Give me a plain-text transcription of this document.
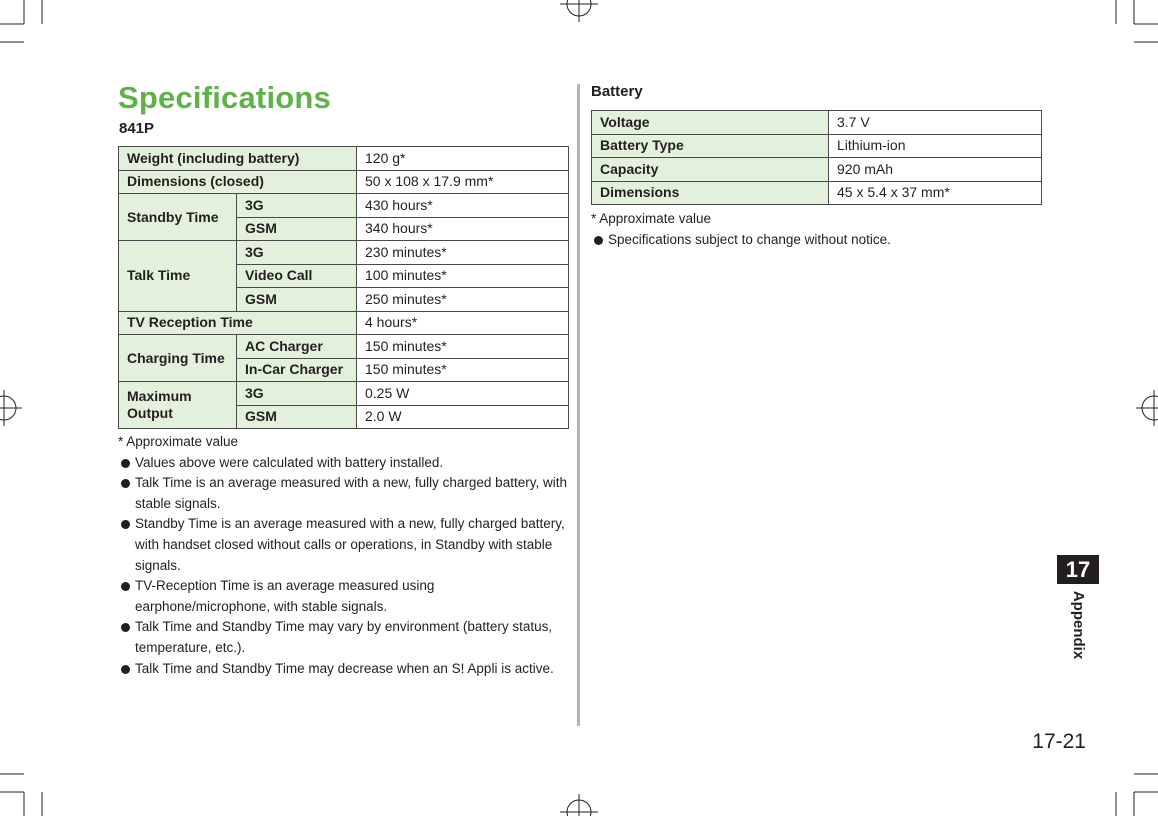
Specifications
841P
Weight (including battery)		120 g*
Dimensions (closed)		50 x 108 x 17.9 mm*
Standby Time	3G	430 hours*
	GSM	340 hours*
Talk Time	3G	230 minutes*
	Video Call	100 minutes*
	GSM	250 minutes*
TV Reception Time		4 hours*
Charging Time	AC Charger	150 minutes*
	In-Car Charger	150 minutes*
Maximum
Output	3G	0.25 W
	GSM	2.0 W

* Approximate value

Values above were calculated with battery installed.
Talk Time is an average measured with a new, fully charged battery, with stable signals.
Standby Time is an average measured with a new, fully charged battery, with handset closed without calls or operations, in Standby with stable signals.
TV-Reception Time is an average measured using earphone/microphone, with stable signals.
Talk Time and Standby Time may vary by environment (battery status, temperature, etc.).
Talk Time and Standby Time may decrease when an S! Appli is active.
Battery
Voltage	3.7 V
Battery Type	Lithium-ion
Capacity	920 mAh
Dimensions	45 x 5.4 x 37 mm*

* Approximate value

Specifications subject to change without notice.
17
Appendix
17-21
